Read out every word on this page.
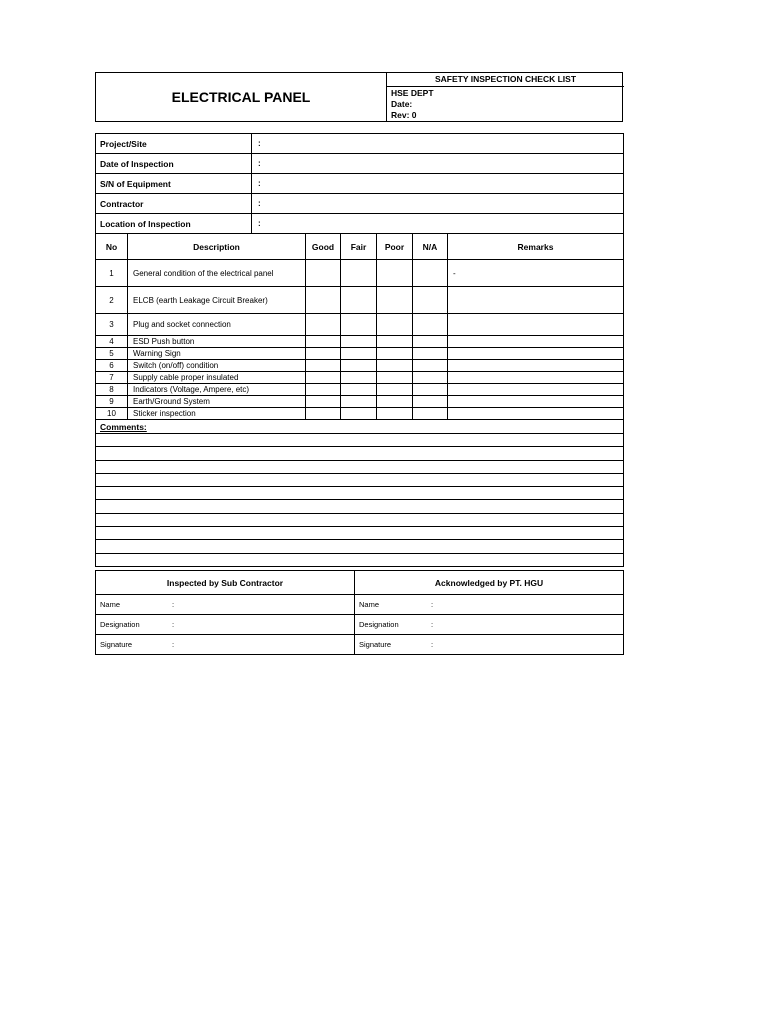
ELECTRICAL PANEL
SAFETY INSPECTION CHECK LIST
HSE DEPT
Date:
Rev: 0
Project/Site	:
Date of Inspection	:
S/N of Equipment	:
Contractor	:
Location of Inspection	:
No	Description	Good	Fair	Poor	N/A	Remarks
1	General condition of the electrical panel					-
2	ELCB (earth Leakage Circuit Breaker)					
3	Plug and socket connection					
4	ESD Push button					
5	Warning Sign					
6	Switch (on/off) condition					
7	Supply cable proper insulated					
8	Indicators (Voltage, Ampere, etc)					
9	Earth/Ground System					
10	Sticker inspection					
Comments:						

Inspected by Sub Contractor	Acknowledged by PT. HGU
Name :	Name :
Designation :	Designation :
Signature :	Signature :
